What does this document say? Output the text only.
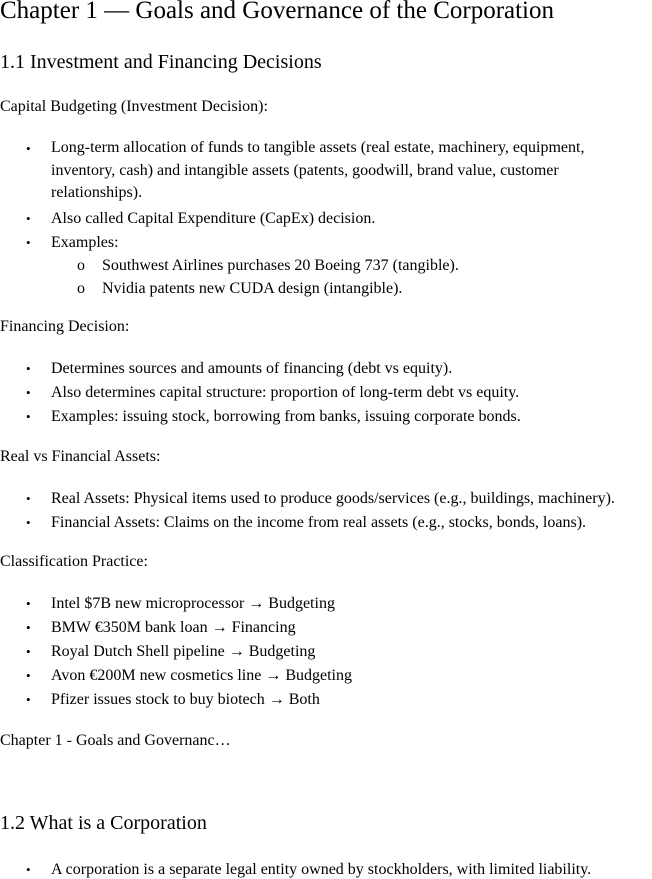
Chapter 1 — Goals and Governance of the Corporation
1.1 Investment and Financing Decisions
Capital Budgeting (Investment Decision):
•	Long-term allocation of funds to tangible assets (real estate, machinery, equipment, inventory, cash) and intangible assets (patents, goodwill, brand value, customer relationships).
•	Also called Capital Expenditure (CapEx) decision.
•	Examples:
o Southwest Airlines purchases 20 Boeing 737 (tangible).
o Nvidia patents new CUDA design (intangible).
Financing Decision:
•	Determines sources and amounts of financing (debt vs equity).
•	Also determines capital structure: proportion of long-term debt vs equity.
•	Examples: issuing stock, borrowing from banks, issuing corporate bonds.
Real vs Financial Assets:
•	Real Assets: Physical items used to produce goods/services (e.g., buildings, machinery).
•	Financial Assets: Claims on the income from real assets (e.g., stocks, bonds, loans).
Classification Practice:
•	Intel $7B new microprocessor → Budgeting
•	BMW €350M bank loan → Financing
•	Royal Dutch Shell pipeline → Budgeting
•	Avon €200M new cosmetics line → Budgeting
•	Pfizer issues stock to buy biotech → Both
Chapter 1 - Goals and Governanc…
1.2 What is a Corporation
•	A corporation is a separate legal entity owned by stockholders, with limited liability.
